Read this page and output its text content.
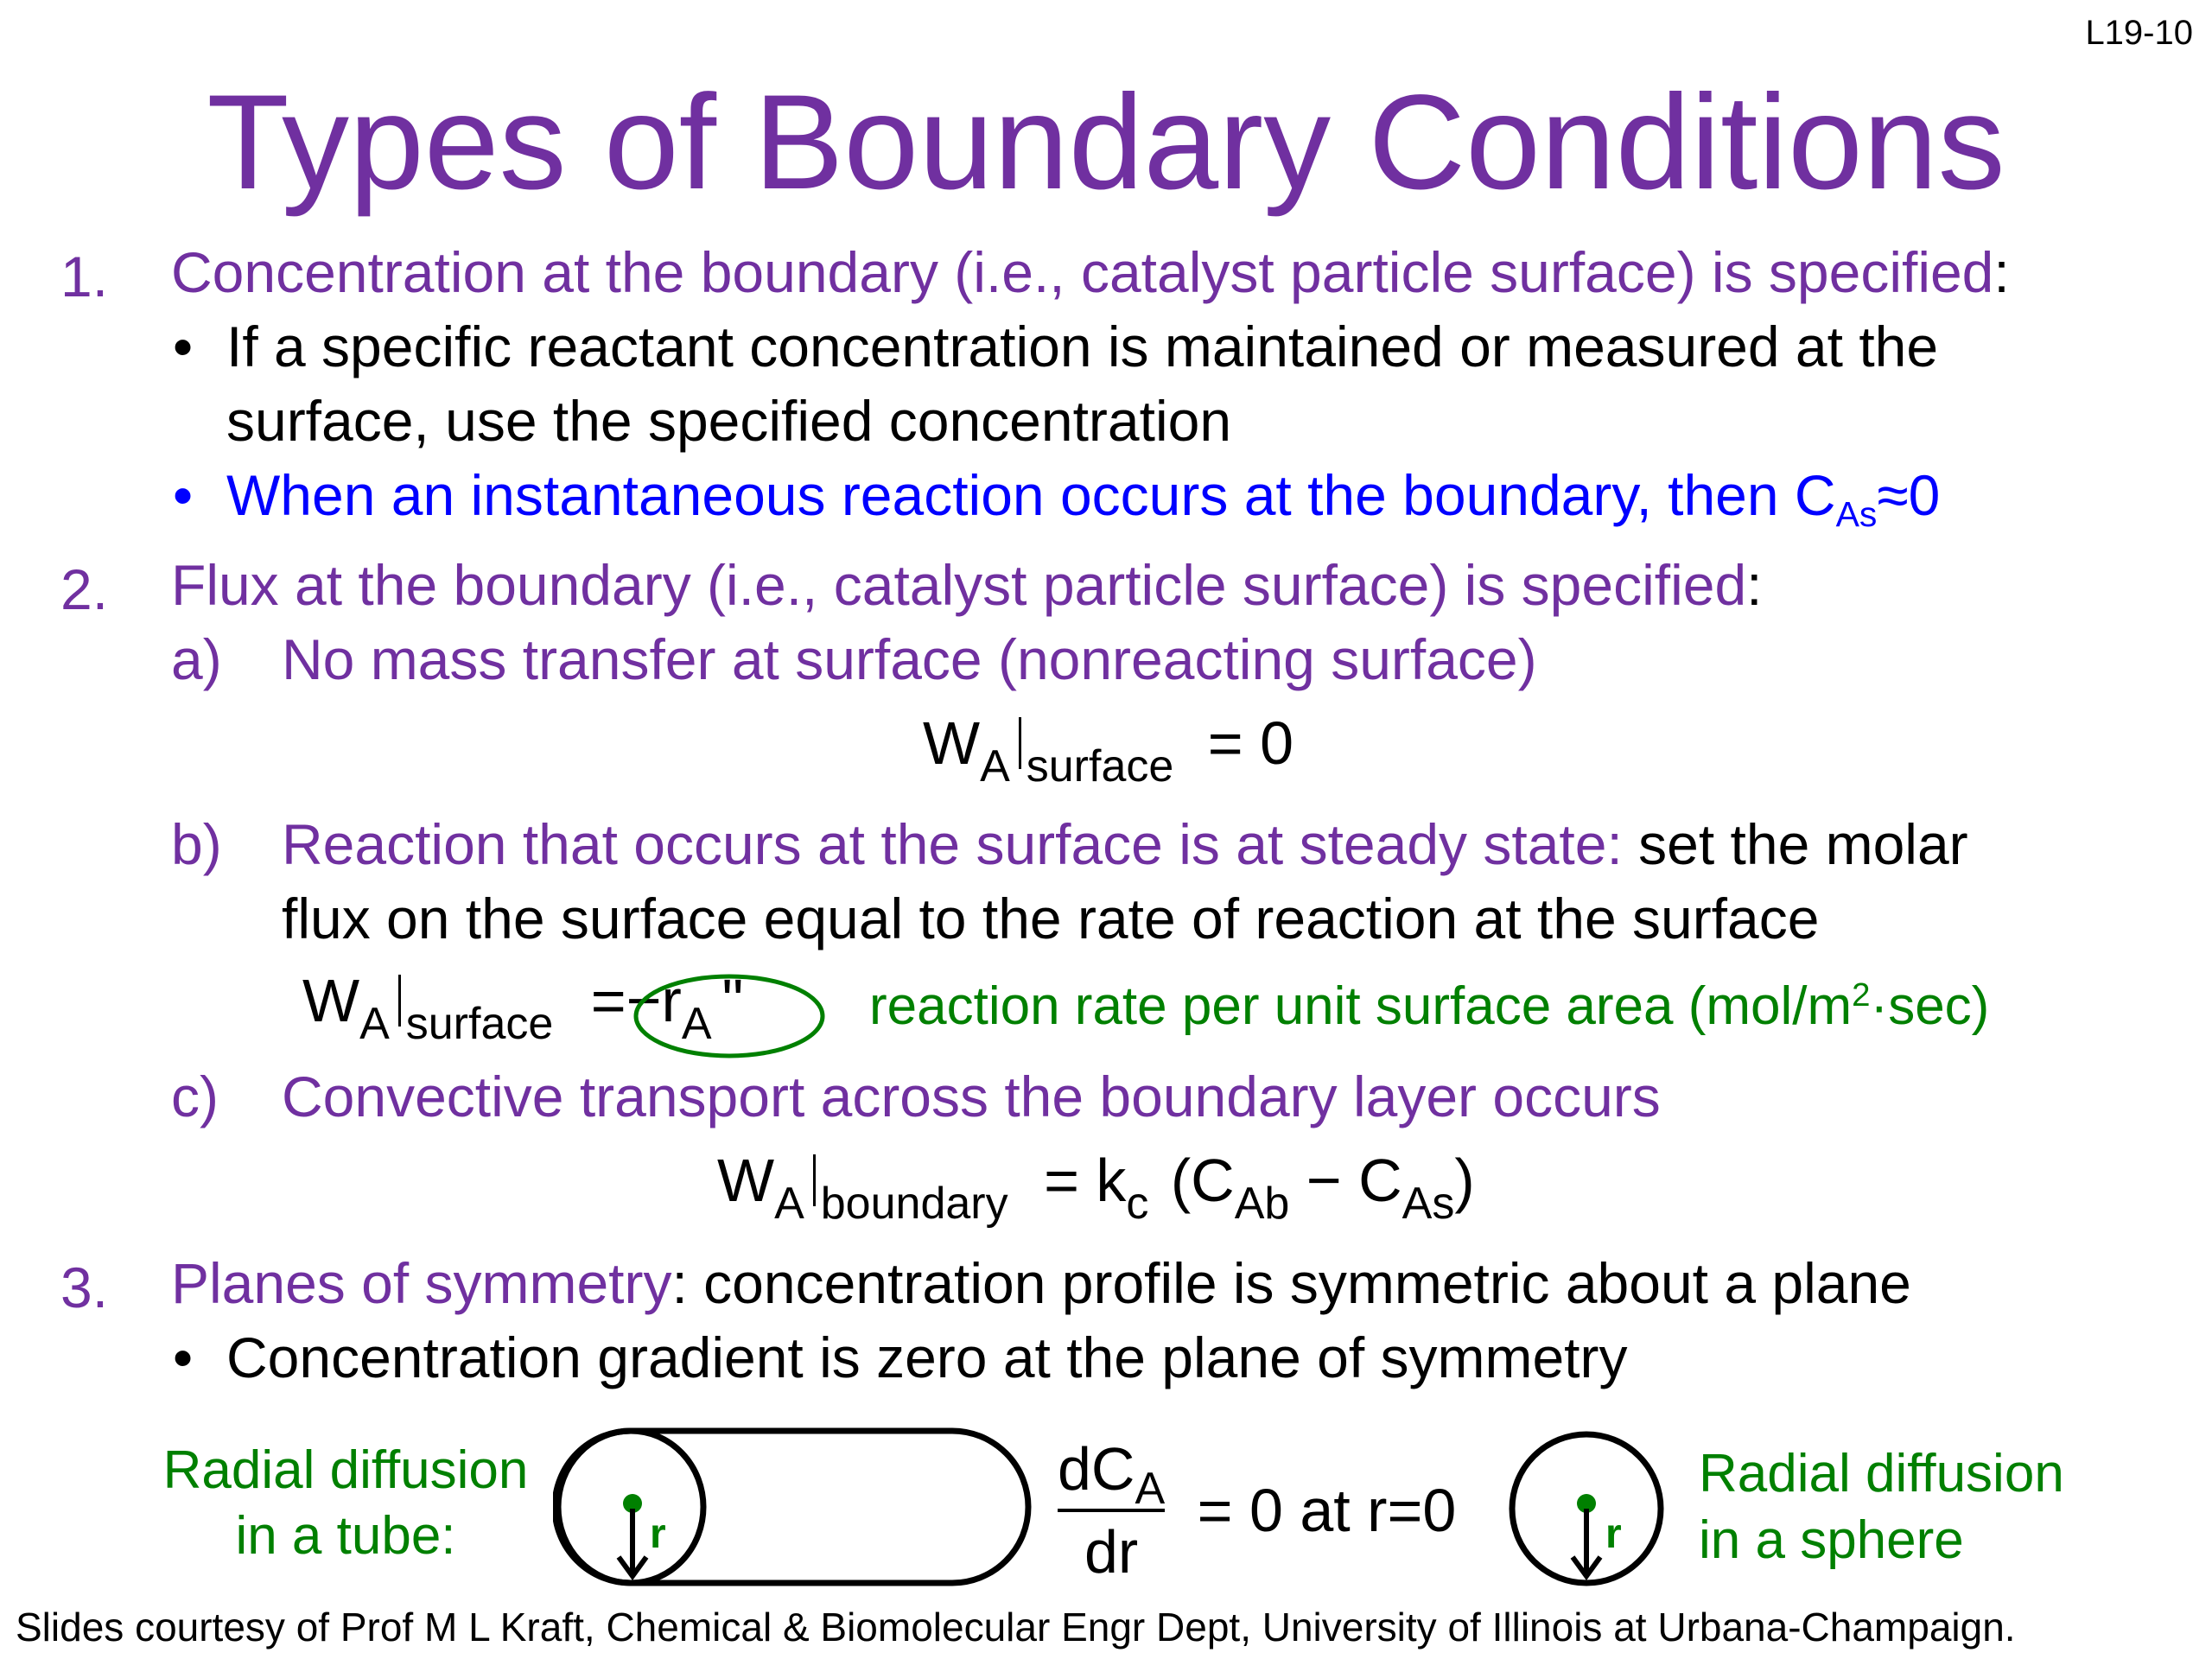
L19-10
Types of Boundary Conditions
1. Concentration at the boundary (i.e., catalyst particle surface) is specified:
• If a specific reactant concentration is maintained or measured at the
surface, use the specified concentration
• When an instantaneous reaction occurs at the boundary, then $C_{As}\approx 0$
2. Flux at the boundary (i.e., catalyst particle surface) is specified:
a) No mass transfer at surface (nonreacting surface)
$W_A$ $_{surface}$ = 0
b) Reaction that occurs at the surface is at steady state: set the molar
flux on the surface equal to the rate of reaction at the surface
$W_A$ $_{surface} =-r_A$ " reaction rate per unit surface area $(mol/m^2\cdot\sec)$
c) Convective transport across the boundary layer occurs
$W_A$ $_{boundary} = k_c$ $(C_{Ab} - C_{As})$
3. Planes of symmetry: concentration profile is symmetric about a plane
• Concentration gradient is zero at the plane of symmetry
Radial diffusion
in a tube:	r
$dC_A$
dr
= 0 at r=0	r
Radial diffusion
in a sphere
Slides courtesy of Prof M L Kraft, Chemical & Biomolecular Engr Dept, University of Illinois at Urbana-Champaign.
